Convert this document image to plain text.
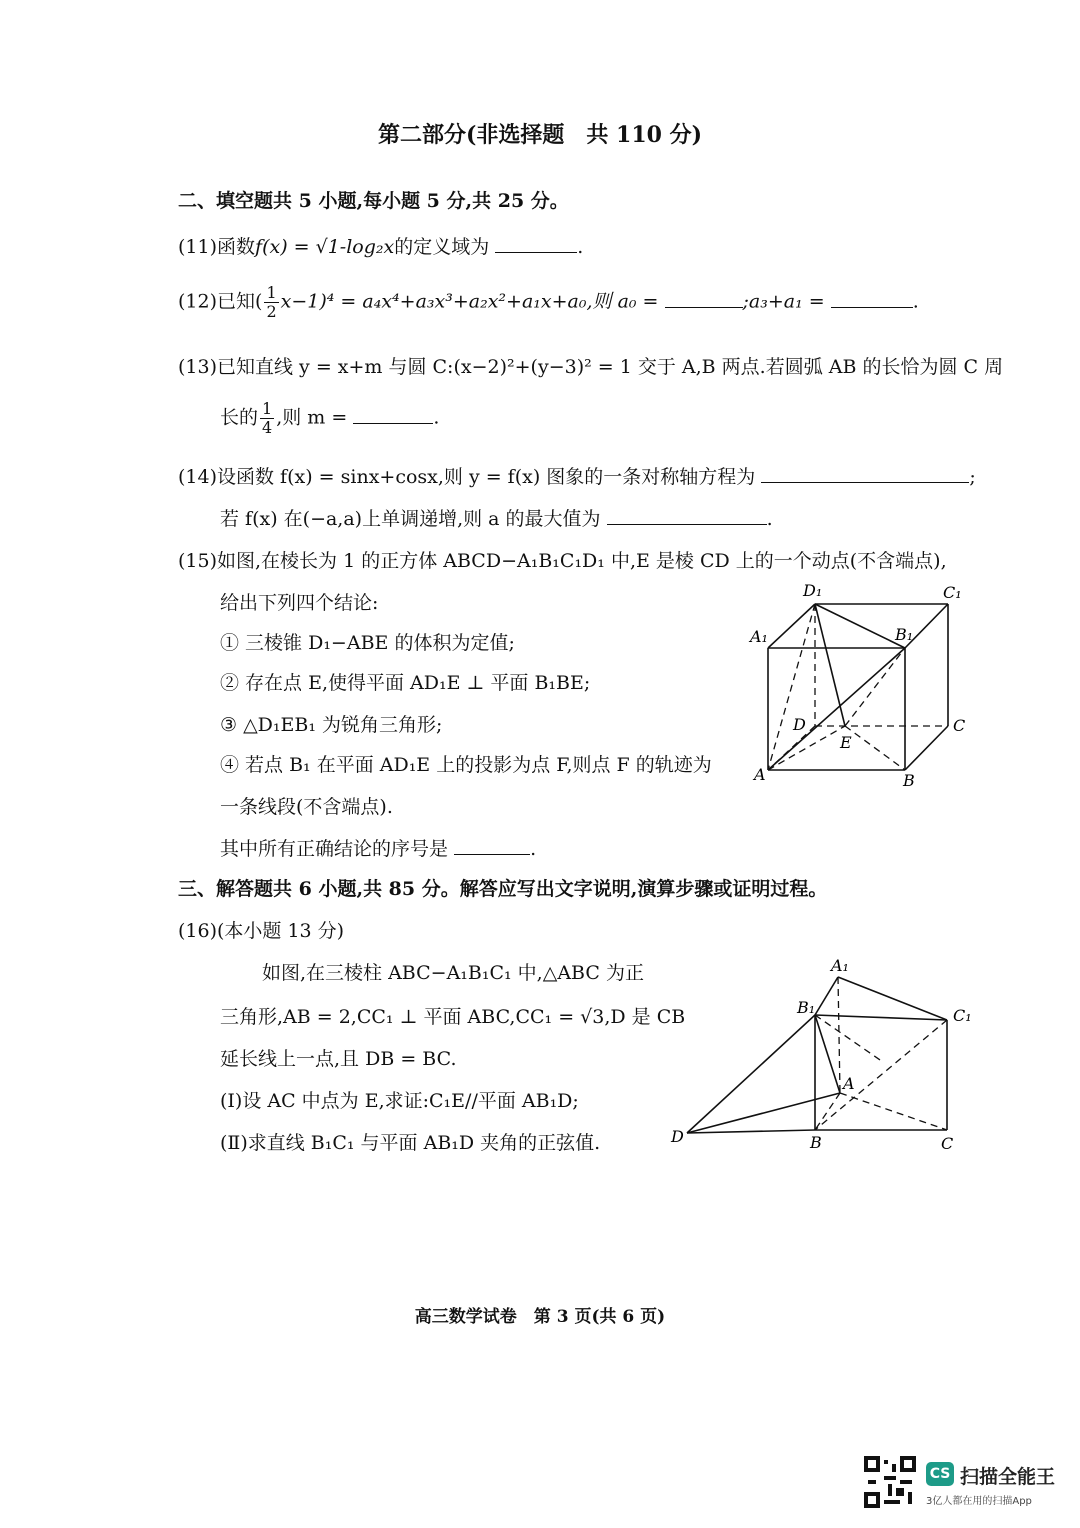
第二部分(非选择题　共 110 分)
二、填空题共 5 小题,每小题 5 分,共 25 分。
(11)函数f(x) = √1-log₂x的定义域为	.
(12)已知( $\frac{1}{2} x-1)^4 = a_4x^4+a_3x^3+a_2x^2+a_1x+a_0$,则 a₀ =	;a₃+a₁ =	.
(13)已知直线 y = x+m 与圆 C:(x−2)²+(y−3)² = 1 交于 A,B 两点.若圆弧 AB 的长恰为圆 C 周
长的 $\frac{1}{4}$ ,则 m =	.
(14)设函数 f(x) = sinx+cosx,则 y = f(x) 图象的一条对称轴方程为	;
若 f(x) 在(−a,a)上单调递增,则 a 的最大值为	.
(15)如图,在棱长为 1 的正方体 ABCD−A₁B₁C₁D₁ 中,E 是棱 CD 上的一个动点(不含端点),
给出下列四个结论:
① 三棱锥 D₁−ABE 的体积为定值;
② 存在点 E,使得平面 AD₁E ⊥ 平面 B₁BE;
③ △D₁EB₁ 为锐角三角形;
④ 若点 B₁ 在平面 AD₁E 上的投影为点 F,则点 F 的轨迹为
一条线段(不含端点).
其中所有正确结论的序号是	.
D₁	C₁
A₁	B₁
D	C
E
A	B
三、解答题共 6 小题,共 85 分。解答应写出文字说明,演算步骤或证明过程。
(16)(本小题 13 分)
如图,在三棱柱 ABC−A₁B₁C₁ 中,△ABC 为正
三角形,AB = 2,CC₁ ⊥ 平面 ABC,CC₁ = √3,D 是 CB
延长线上一点,且 DB = BC.
(Ⅰ)设 AC 中点为 E,求证:C₁E//平面 AB₁D;
(Ⅱ)求直线 B₁C₁ 与平面 AB₁D 夹角的正弦值.
A₁
B₁	C₁
A
D	B	C
高三数学试卷　第 3 页(共 6 页)
CS 扫描全能王
3亿人都在用的扫描App
